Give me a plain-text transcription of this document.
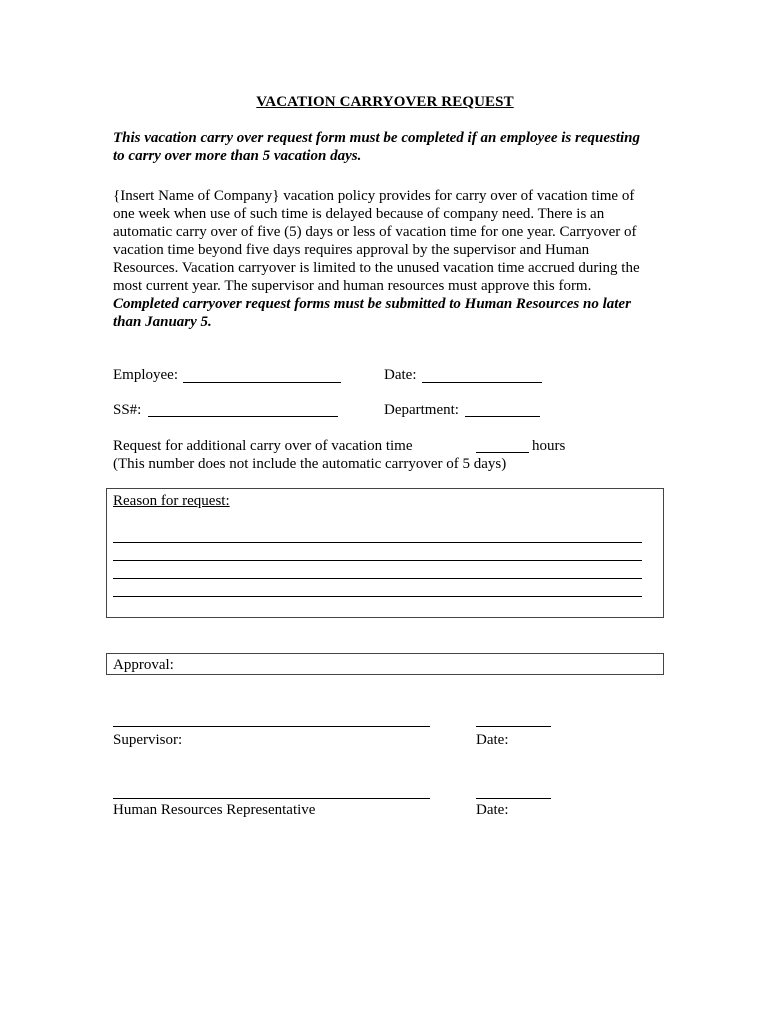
VACATION CARRYOVER REQUEST
This vacation carry over request form must be completed if an employee is requesting
to carry over more than 5 vacation days.
{Insert Name of Company} vacation policy provides for carry over of vacation time of
one week when use of such time is delayed because of company need. There is an
automatic carry over of five (5) days or less of vacation time for one year. Carryover of
vacation time beyond five days requires approval by the supervisor and Human
Resources. Vacation carryover is limited to the unused vacation time accrued during the
most current year. The supervisor and human resources must approve this form.
Completed carryover request forms must be submitted to Human Resources no later
than January 5.
Employee:	Date:
SS#:	Department:
Request for additional carry over of vacation time	hours
(This number does not include the automatic carryover of 5 days)
Reason for request:
Approval:
Supervisor:	Date:
Human Resources Representative	Date:
